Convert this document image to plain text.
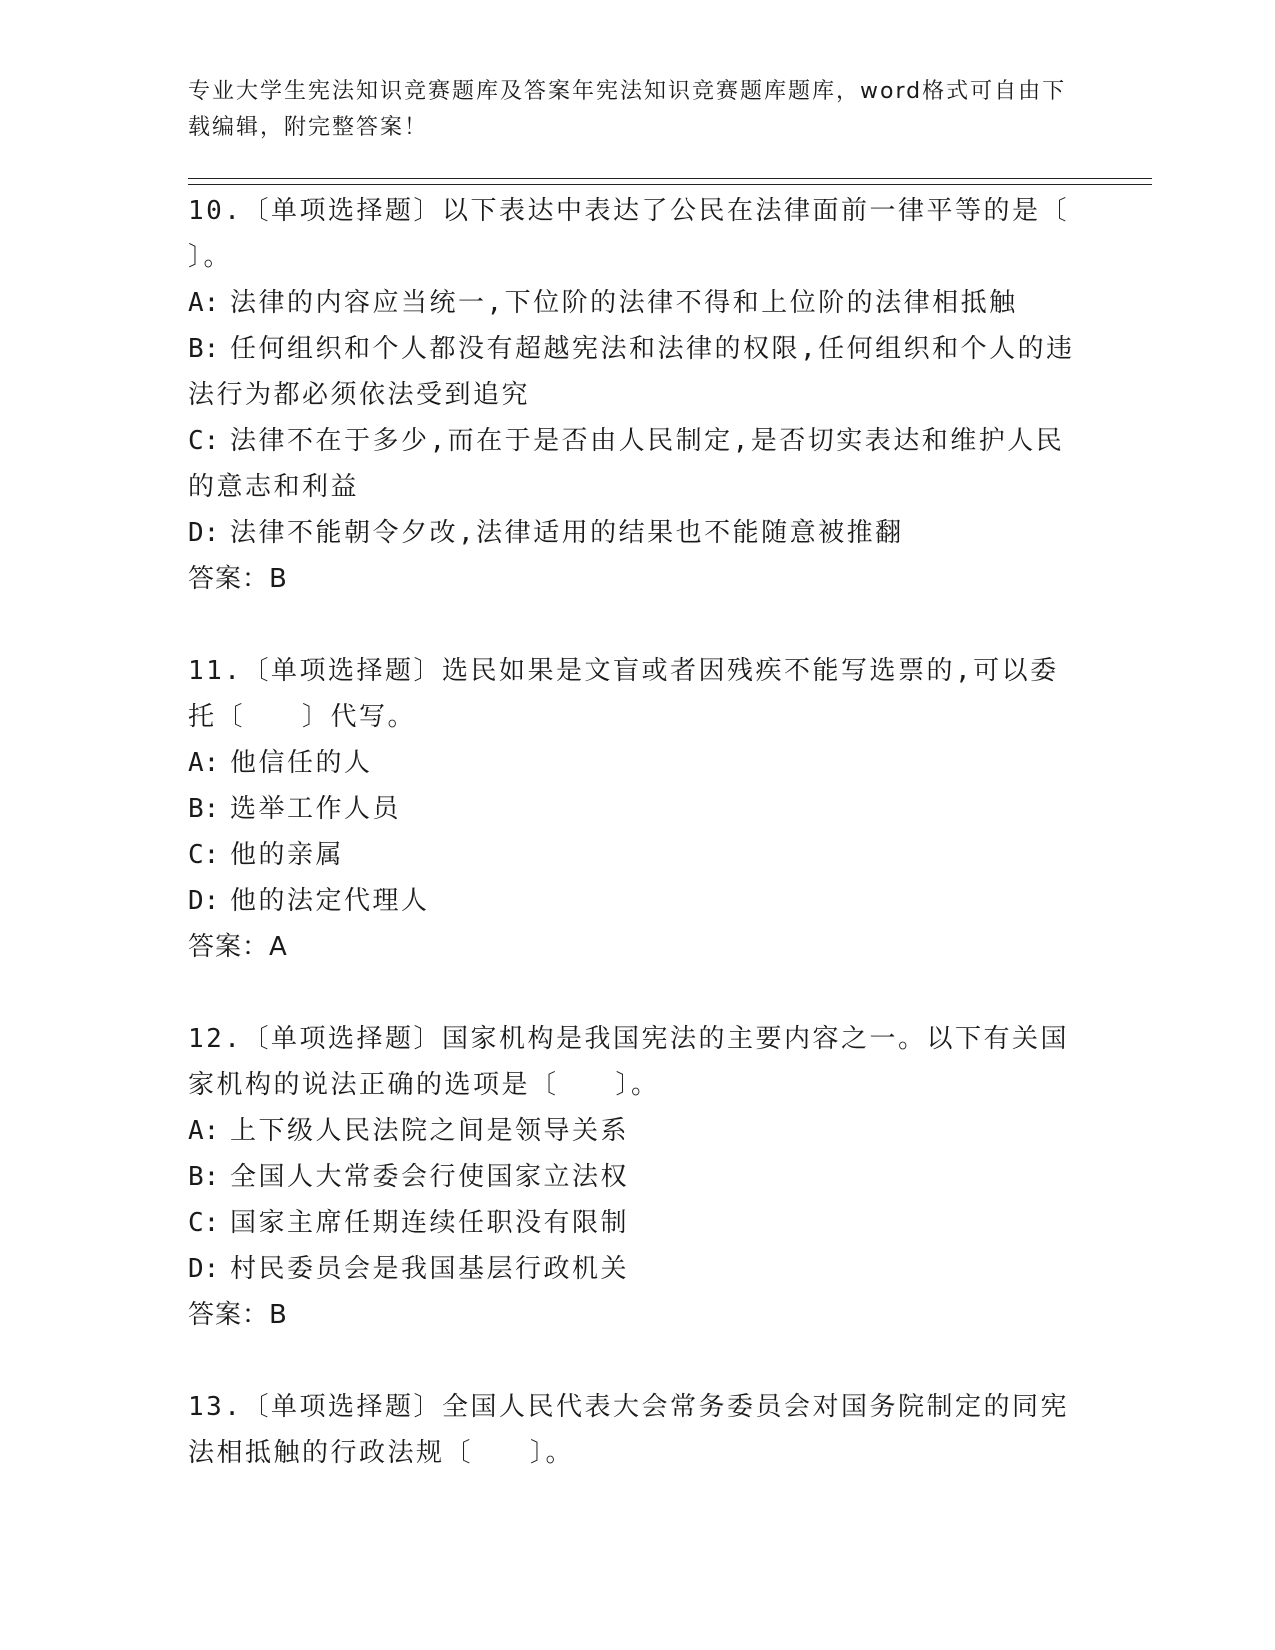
专业大学生宪法知识竞赛题库及答案年宪法知识竞赛题库题库，word格式可自由下载编辑，附完整答案！
10.〔单项选择题〕以下表达中表达了公民在法律面前一律平等的是〔 〕。
A: 法律的内容应当统一,下位阶的法律不得和上位阶的法律相抵触
B: 任何组织和个人都没有超越宪法和法律的权限,任何组织和个人的违法行为都必须依法受到追究
C: 法律不在于多少,而在于是否由人民制定,是否切实表达和维护人民的意志和利益
D: 法律不能朝令夕改,法律适用的结果也不能随意被推翻
答案：B
11.〔单项选择题〕选民如果是文盲或者因残疾不能写选票的,可以委托〔　　〕代写。
A: 他信任的人
B: 选举工作人员
C: 他的亲属
D: 他的法定代理人
答案：A
12.〔单项选择题〕国家机构是我国宪法的主要内容之一。以下有关国家机构的说法正确的选项是〔　　〕。
A: 上下级人民法院之间是领导关系
B: 全国人大常委会行使国家立法权
C: 国家主席任期连续任职没有限制
D: 村民委员会是我国基层行政机关
答案：B
13.〔单项选择题〕全国人民代表大会常务委员会对国务院制定的同宪法相抵触的行政法规〔　　〕。
